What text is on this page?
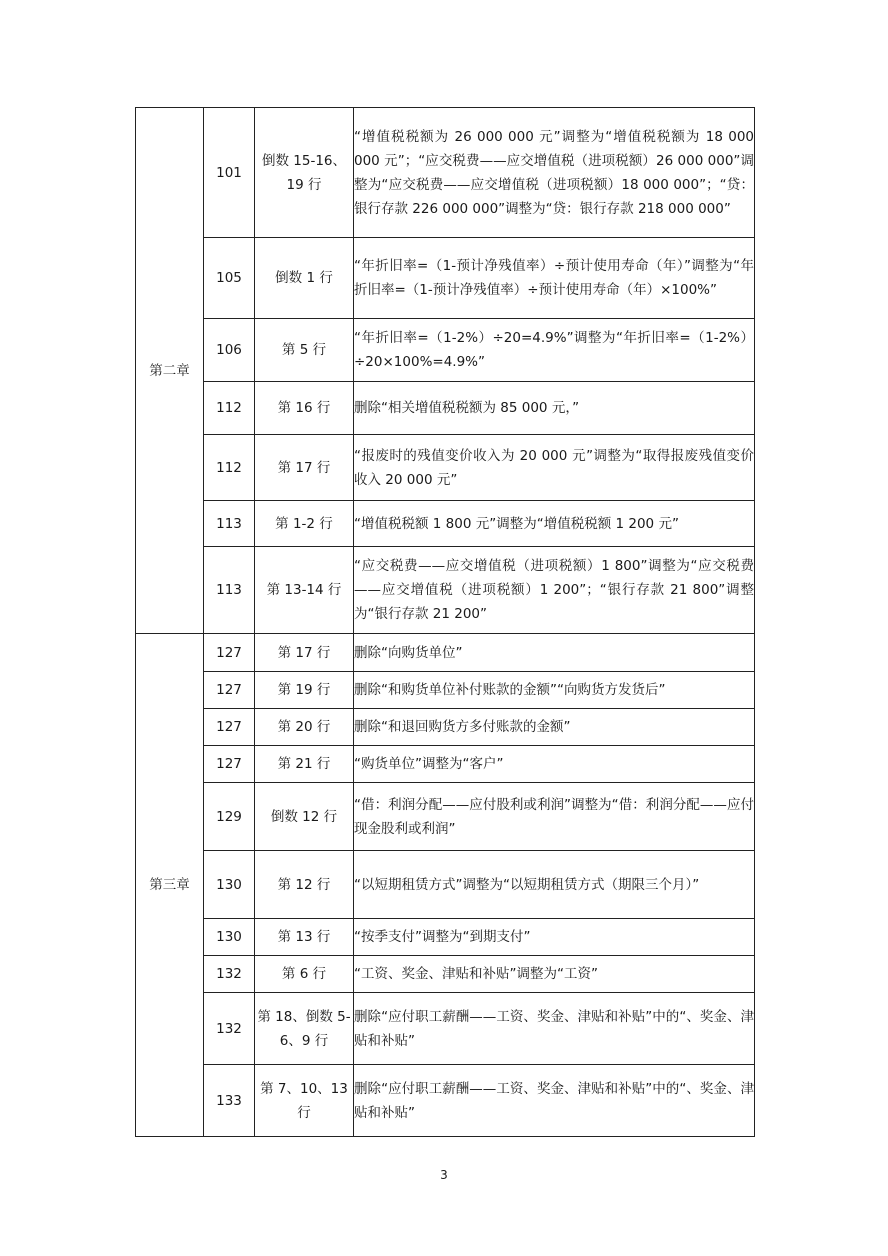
第二章	101	倒数 15-16、19 行	“增值税税额为 26 000 000 元”调整为“增值税税额为 18 000 000 元”；“应交税费——应交增值税（进项税额）26 000 000”调整为“应交税费——应交增值税（进项税额）18 000 000”；“贷：银行存款 226 000 000”调整为“贷：银行存款 218 000 000”
	105	倒数 1 行	“年折旧率=（1-预计净残值率）÷预计使用寿命（年）”调整为“年折旧率=（1-预计净残值率）÷预计使用寿命（年）×100%”
	106	第 5 行	“年折旧率=（1-2%）÷20=4.9%”调整为“年折旧率=（1-2%）÷20×100%=4.9%”
	112	第 16 行	删除“相关增值税税额为 85 000 元，”
	112	第 17 行	“报废时的残值变价收入为 20 000 元”调整为“取得报废残值变价收入 20 000 元”
	113	第 1-2 行	“增值税税额 1 800 元”调整为“增值税税额 1 200 元”
	113	第 13-14 行	“应交税费——应交增值税（进项税额）1 800”调整为“应交税费——应交增值税（进项税额）1 200”；“银行存款 21 800”调整为“银行存款 21 200”
第三章	127	第 17 行	删除“向购货单位”
	127	第 19 行	删除“和购货单位补付账款的金额”“向购货方发货后”
	127	第 20 行	删除“和退回购货方多付账款的金额”
	127	第 21 行	“购货单位”调整为“客户”
	129	倒数 12 行	“借：利润分配——应付股利或利润”调整为“借：利润分配——应付现金股利或利润”
	130	第 12 行	“以短期租赁方式”调整为“以短期租赁方式（期限三个月）”
	130	第 13 行	“按季支付”调整为“到期支付”
	132	第 6 行	“工资、奖金、津贴和补贴”调整为“工资”
	132	第 18、倒数 5-6、9 行	删除“应付职工薪酬——工资、奖金、津贴和补贴”中的“、奖金、津贴和补贴”
	133	第 7、10、13 行	删除“应付职工薪酬——工资、奖金、津贴和补贴”中的“、奖金、津贴和补贴”
3
